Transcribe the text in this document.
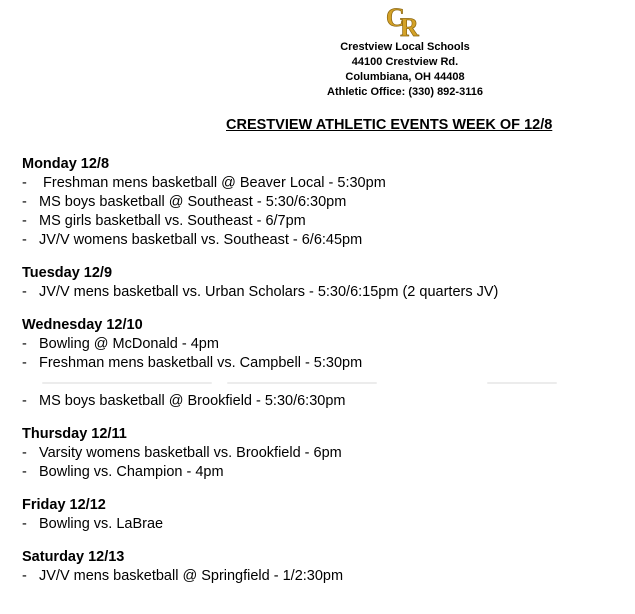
C
R
Crestview Local Schools
44100 Crestview Rd.
Columbiana, OH 44408
Athletic Office: (330) 892-3116
CRESTVIEW ATHLETIC EVENTS WEEK OF 12/8
Monday 12/8
- Freshman mens basketball @ Beaver Local - 5:30pm
- MS boys basketball @ Southeast - 5:30/6:30pm
- MS girls basketball vs. Southeast - 6/7pm
- JV/V womens basketball vs. Southeast - 6/6:45pm
Tuesday 12/9
- JV/V mens basketball vs. Urban Scholars - 5:30/6:15pm (2 quarters JV)
Wednesday 12/10
- Bowling @ McDonald - 4pm
- Freshman mens basketball vs. Campbell - 5:30pm
- MS boys basketball @ Brookfield - 5:30/6:30pm
Thursday 12/11
- Varsity womens basketball vs. Brookfield - 6pm
- Bowling vs. Champion - 4pm
Friday 12/12
- Bowling vs. LaBrae
Saturday 12/13
- JV/V mens basketball @ Springfield - 1/2:30pm
